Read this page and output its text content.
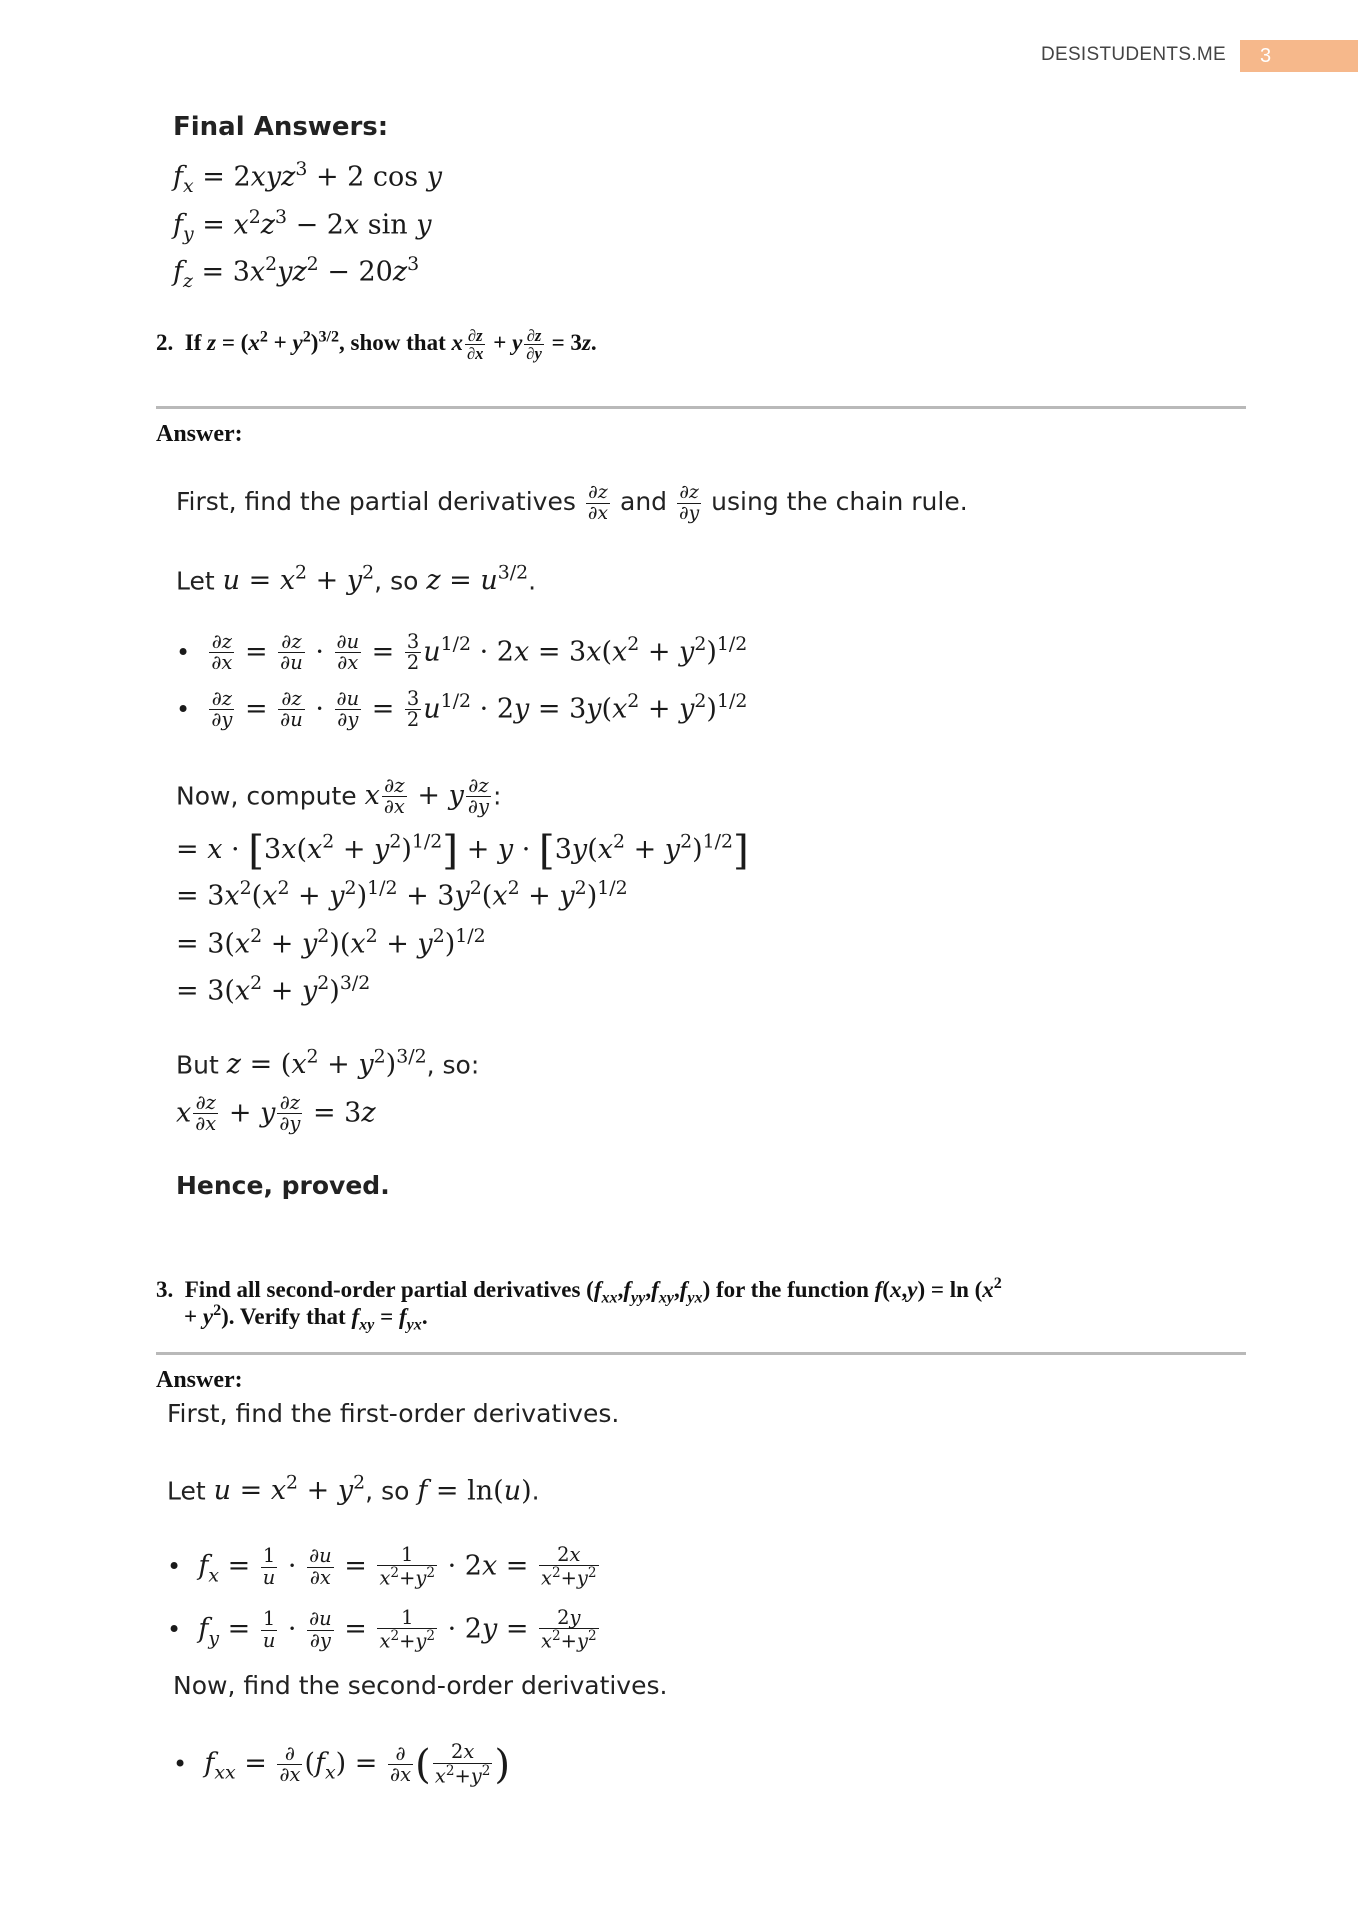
DESISTUDENTS.ME	3
Final Answers:
$f_x = 2xyz^3 + 2$ cos y
$f_y = x^2z^3 - 2x$ sin y
$f_z = 3x^2yz^2 - 20z^3$
2.  If $z = (x^2 + y^2)^{3/2}$, show that x $\frac{\partial z}{\partial x} + y \frac{\partial z}{\partial y} = 3z$.
Answer:
First, find the partial derivatives $\frac{\partial z}{\partial x}$ and $\frac{\partial z}{\partial y}$ using the chain rule.
Let $u = x^2 + y^2$, so $z = u^{3/2}$.
• $\frac{\partial z}{\partial x} = \frac{\partial z}{\partial u} \cdot \frac{\partial u}{\partial x} = \frac{3}{2} u^{1/2} \cdot 2x = 3x(x^2 + y^2)^{1/2}$
• $\frac{\partial z}{\partial y} = \frac{\partial z}{\partial u} \cdot \frac{\partial u}{\partial y} = \frac{3}{2} u^{1/2} \cdot 2y = 3y(x^2 + y^2)^{1/2}$
Now, compute x $\frac{\partial z}{\partial x} + y \frac{\partial z}{\partial y}$ :
= $x \cdot [3x(x^2 + y^2)^{1/2}] + y \cdot [3y(x^2 + y^2)^{1/2}]$
= $3x^2(x^2 + y^2)^{1/2} + 3y^2(x^2 + y^2)^{1/2}$
= $3(x^2 + y^2)(x^2 + y^2)^{1/2}$
= $3(x^2 + y^2)^{3/2}$
But $z = (x^2 + y^2)^{3/2}$, so:
x $\frac{\partial z}{\partial x} + y \frac{\partial z}{\partial y} = 3z$
Hence, proved.
3.  Find all second-order partial derivatives $(f_{xx},f_{yy},f_{xy},f_{yx})$ for the function $f(x,y) = \ln (x^2$
+ $y^2$). Verify that $f_{xy} = f_{yx}$.
Answer:
First, find the first-order derivatives.
Let $u = x^2 + y^2$, so f = ln(u).
• $f_x = \frac{1}{u} \cdot \frac{\partial u}{\partial x} = \frac{1}{x^2+y^2} \cdot 2x = \frac{2x}{x^2+y^2}$
• $f_y = \frac{1}{u} \cdot \frac{\partial u}{\partial y} = \frac{1}{x^2+y^2} \cdot 2y = \frac{2y}{x^2+y^2}$
Now, find the second-order derivatives.
• $f_{xx} = \frac{\partial}{\partial x} (f_x) = \frac{\partial}{\partial x}$ ( $\frac{2x}{x^2+y^2}$ )
